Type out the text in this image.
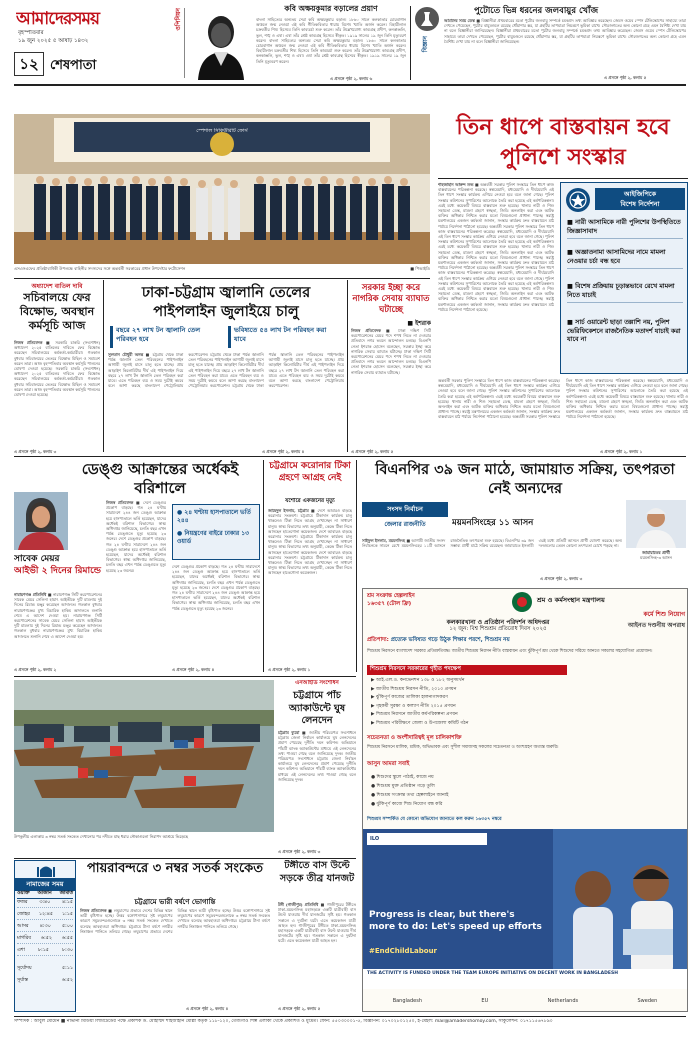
আমাদেরসময়
বৃহস্পতিবার
১৯ জুন ২০২৫ ৫ আষাঢ় ১৪৩২
১২ শেষপাতা
ওপিনিয়ন	কবি অক্ষয়কুমার বড়ালের প্রয়াণ
বাংলা সাহিত্যের অন্যতম সেরা কবি অক্ষয়কুমার বড়াল। ১৮৬০ সালে কলকাতার চোরবাগান অঞ্চলে জন্ম নেওয়া এই কবি গীতিকবিতার ধারায় বিশেষ খ্যাতি অর্জন করেন। বিহারীলাল চক্রবর্তীর শিষ্য হিসেবে তিনি কাব্যচর্চা শুরু করেন। তাঁর উল্লেখযোগ্য কাব্যগ্রন্থ প্রদীপ, কনকাঞ্জলি, ভুল, শঙ্খ ও এষা। এষা তাঁর শ্রেষ্ঠ কাব্যগ্রন্থ হিসেবে স্বীকৃত। ১৯১৯ সালের ১৯ জুন তিনি মৃত্যুবরণ করেন। বাংলা সাহিত্যের অন্যতম সেরা কবি অক্ষয়কুমার বড়াল। ১৮৬০ সালে কলকাতার চোরবাগান অঞ্চলে জন্ম নেওয়া এই কবি গীতিকবিতার ধারায় বিশেষ খ্যাতি অর্জন করেন। বিহারীলাল চক্রবর্তীর শিষ্য হিসেবে তিনি কাব্যচর্চা শুরু করেন। তাঁর উল্লেখযোগ্য কাব্যগ্রন্থ প্রদীপ, কনকাঞ্জলি, ভুল, শঙ্খ ও এষা। এষা তাঁর শ্রেষ্ঠ কাব্যগ্রন্থ হিসেবে স্বীকৃত। ১৯১৯ সালের ১৯ জুন তিনি মৃত্যুবরণ করেন।
এ প্রসঙ্গে পৃষ্ঠা ২, কলাম ৬
বিজ্ঞান
পুটোতে ভিন্ন ধরনের জলবায়ুর খোঁজ
আমাদের সময় ডেস্ক ■ বিজ্ঞানীরা প্রথমবারের মতো পুটোর জলবায়ু সম্পর্কে চমকপ্রদ তথ্য আবিষ্কার করেছেন। জেমস ওয়েব স্পেস টেলিস্কোপের সাহায্যে তারা দেখতে পেয়েছেন, পুটোর বায়ুমণ্ডলে রয়েছে ধোঁয়াশার স্তর, যা গ্রহটির তাপমাত্রা নিয়ন্ত্রণে ভূমিকা রাখে। সৌরজগতের অন্য কোনো গ্রহে এমন বৈশিষ্ট্য দেখা যায় না বলে বিজ্ঞানীরা জানিয়েছেন। বিজ্ঞানীরা প্রথমবারের মতো পুটোর জলবায়ু সম্পর্কে চমকপ্রদ তথ্য আবিষ্কার করেছেন। জেমস ওয়েব স্পেস টেলিস্কোপের সাহায্যে তারা দেখতে পেয়েছেন, পুটোর বায়ুমণ্ডলে রয়েছে ধোঁয়াশার স্তর, যা গ্রহটির তাপমাত্রা নিয়ন্ত্রণে ভূমিকা রাখে। সৌরজগতের অন্য কোনো গ্রহে এমন বৈশিষ্ট্য দেখা যায় না বলে বিজ্ঞানীরা জানিয়েছেন।
এ প্রসঙ্গে পৃষ্ঠা ২, কলাম ৫
স্পেশাল সিকিউরিটি ফোর্স
এসএসএফের প্রতিষ্ঠাবার্ষিকী উপলক্ষে বাহিনীর সদস্যদের সঙ্গে অন্তর্বর্তী সরকারের প্রধান উপদেষ্টার ফটোসেশন	■ পিআইডি
তিন ধাপে বাস্তবায়ন হবে পুলিশে সংস্কার
শাহজাহান আকন্দ শুভ ■ অন্তর্বর্তী সরকার পুলিশ সংস্কারে তিন ধাপে কাজ বাস্তবায়নের পরিকল্পনা করেছে। স্বল্পমেয়াদি, মধ্যমেয়াদি ও দীর্ঘমেয়াদি এই তিন ধাপে সংস্কার কার্যক্রম এগিয়ে নেওয়া হবে বলে জানা গেছে। পুলিশ সংস্কার কমিশনের সুপারিশের আলোকে তৈরি করা হয়েছে এই কর্মপরিকল্পনা। এরই মধ্যে কয়েকটি বিষয়ে বাস্তবায়ন শুরু হয়েছে। থানায় নারী ও শিশু সহায়তা ডেস্ক, মামলা গ্রহণে স্বচ্ছতা, জিডি অনলাইন করা এবং আটক ব্যক্তির অধিকার নিশ্চিত করার মতো বিষয়গুলো প্রাধান্য পাচ্ছে। স্বরাষ্ট্র মন্ত্রণালয়ের একজন কর্মকর্তা জানান, সংস্কার কার্যক্রম দ্রুত বাস্তবায়নে মাঠ পর্যায়ে নির্দেশনা পাঠানো হয়েছে। অন্তর্বর্তী সরকার পুলিশ সংস্কারে তিন ধাপে কাজ বাস্তবায়নের পরিকল্পনা করেছে। স্বল্পমেয়াদি, মধ্যমেয়াদি ও দীর্ঘমেয়াদি এই তিন ধাপে সংস্কার কার্যক্রম এগিয়ে নেওয়া হবে বলে জানা গেছে। পুলিশ সংস্কার কমিশনের সুপারিশের আলোকে তৈরি করা হয়েছে এই কর্মপরিকল্পনা। এরই মধ্যে কয়েকটি বিষয়ে বাস্তবায়ন শুরু হয়েছে। থানায় নারী ও শিশু সহায়তা ডেস্ক, মামলা গ্রহণে স্বচ্ছতা, জিডি অনলাইন করা এবং আটক ব্যক্তির অধিকার নিশ্চিত করার মতো বিষয়গুলো প্রাধান্য পাচ্ছে। স্বরাষ্ট্র মন্ত্রণালয়ের একজন কর্মকর্তা জানান, সংস্কার কার্যক্রম দ্রুত বাস্তবায়নে মাঠ পর্যায়ে নির্দেশনা পাঠানো হয়েছে। অন্তর্বর্তী সরকার পুলিশ সংস্কারে তিন ধাপে কাজ বাস্তবায়নের পরিকল্পনা করেছে। স্বল্পমেয়াদি, মধ্যমেয়াদি ও দীর্ঘমেয়াদি এই তিন ধাপে সংস্কার কার্যক্রম এগিয়ে নেওয়া হবে বলে জানা গেছে। পুলিশ সংস্কার কমিশনের সুপারিশের আলোকে তৈরি করা হয়েছে এই কর্মপরিকল্পনা। এরই মধ্যে কয়েকটি বিষয়ে বাস্তবায়ন শুরু হয়েছে। থানায় নারী ও শিশু সহায়তা ডেস্ক, মামলা গ্রহণে স্বচ্ছতা, জিডি অনলাইন করা এবং আটক ব্যক্তির অধিকার নিশ্চিত করার মতো বিষয়গুলো প্রাধান্য পাচ্ছে। স্বরাষ্ট্র মন্ত্রণালয়ের একজন কর্মকর্তা জানান, সংস্কার কার্যক্রম দ্রুত বাস্তবায়নে মাঠ পর্যায়ে নির্দেশনা পাঠানো হয়েছে।
আইজিপিকে
বিশেষ নির্দেশনা
■ নারী আসামিকে নারী পুলিশের উপস্থিতিতে জিজ্ঞাসাবাদ
■ অজ্ঞাতনামা আসামিদের নামে মামলা নেওয়ার চর্চা বন্ধ হবে
■ বিশেষ প্রক্রিয়ায় চূড়ান্তভাবে রেখে মামলা নিতে যাচাই
■ সার্চ ওয়ারেন্ট ছাড়া তল্লাশি নয়, পুলিশ ভেরিফিকেশনে রাজনৈতিক মতাদর্শ যাচাই করা যাবে না
অন্তর্বর্তী সরকার পুলিশ সংস্কারে তিন ধাপে কাজ বাস্তবায়নের পরিকল্পনা করেছে। স্বল্পমেয়াদি, মধ্যমেয়াদি ও দীর্ঘমেয়াদি এই তিন ধাপে সংস্কার কার্যক্রম এগিয়ে নেওয়া হবে বলে জানা গেছে। পুলিশ সংস্কার কমিশনের সুপারিশের আলোকে তৈরি করা হয়েছে এই কর্মপরিকল্পনা। এরই মধ্যে কয়েকটি বিষয়ে বাস্তবায়ন শুরু হয়েছে। থানায় নারী ও শিশু সহায়তা ডেস্ক, মামলা গ্রহণে স্বচ্ছতা, জিডি অনলাইন করা এবং আটক ব্যক্তির অধিকার নিশ্চিত করার মতো বিষয়গুলো প্রাধান্য পাচ্ছে। স্বরাষ্ট্র মন্ত্রণালয়ের একজন কর্মকর্তা জানান, সংস্কার কার্যক্রম দ্রুত বাস্তবায়নে মাঠ পর্যায়ে নির্দেশনা পাঠানো হয়েছে। অন্তর্বর্তী সরকার পুলিশ সংস্কারে তিন ধাপে কাজ বাস্তবায়নের পরিকল্পনা করেছে। স্বল্পমেয়াদি, মধ্যমেয়াদি ও দীর্ঘমেয়াদি এই তিন ধাপে সংস্কার কার্যক্রম এগিয়ে নেওয়া হবে বলে জানা গেছে। পুলিশ সংস্কার কমিশনের সুপারিশের আলোকে তৈরি করা হয়েছে এই কর্মপরিকল্পনা। এরই মধ্যে কয়েকটি বিষয়ে বাস্তবায়ন শুরু হয়েছে। থানায় নারী ও শিশু সহায়তা ডেস্ক, মামলা গ্রহণে স্বচ্ছতা, জিডি অনলাইন করা এবং আটক ব্যক্তির অধিকার নিশ্চিত করার মতো বিষয়গুলো প্রাধান্য পাচ্ছে। স্বরাষ্ট্র মন্ত্রণালয়ের একজন কর্মকর্তা জানান, সংস্কার কার্যক্রম দ্রুত বাস্তবায়নে মাঠ পর্যায়ে নির্দেশনা পাঠানো হয়েছে।
এ প্রসঙ্গে পৃষ্ঠা ২, কলাম ১
অধ্যাদেশ বাতিল দাবি
সচিবালয়ে ফের বিক্ষোভ, অবস্থান কর্মসূচি আজ
নিজস্ব প্রতিবেদক ■ সরকারি চাকরি (সংশোধন) অধ্যাদেশ ২০২৫ বাতিলের দাবিতে ফের বিক্ষোভ করেছেন সচিবালয়ের কর্মকর্তা-কর্মচারীরা। গতকাল বুধবার সচিবালয়ের ভেতরে বিক্ষোভ মিছিল ও সমাবেশ করেন তারা। আজ বৃহস্পতিবার অবস্থান কর্মসূচি পালনের ঘোষণা দেওয়া হয়েছে। সরকারি চাকরি (সংশোধন) অধ্যাদেশ ২০২৫ বাতিলের দাবিতে ফের বিক্ষোভ করেছেন সচিবালয়ের কর্মকর্তা-কর্মচারীরা। গতকাল বুধবার সচিবালয়ের ভেতরে বিক্ষোভ মিছিল ও সমাবেশ করেন তারা। আজ বৃহস্পতিবার অবস্থান কর্মসূচি পালনের ঘোষণা দেওয়া হয়েছে।
এ প্রসঙ্গে পৃষ্ঠা ২, কলাম ৩
ঢাকা-চট্টগ্রাম জ্বালানি তেলের পাইপলাইন জুলাইয়ে চালু
বছরে ২৭ লাখ টন জ্বালানি তেল পরিবহন হবে
ভবিষ্যতে ৫৪ লাখ টন পরিবহন করা যাবে
সুলতান চৌধুরী অনন্ত ■ চট্টগ্রাম থেকে ঢাকা পর্যন্ত জ্বালানি তেল পরিবহনের পাইপলাইন আগামী জুলাই মাসে চালু হতে যাচ্ছে। প্রায় আড়াইশ কিলোমিটার দীর্ঘ এই পাইপলাইন দিয়ে বছরে ২৭ লাখ টন জ্বালানি তেল পরিবহন করা যাবে। এতে পরিবহন ব্যয় ও সময় দুটোই কমবে বলে আশা করছে বাংলাদেশ পেট্রোলিয়াম করপোরেশন। চট্টগ্রাম থেকে ঢাকা পর্যন্ত জ্বালানি তেল পরিবহনের পাইপলাইন আগামী জুলাই মাসে চালু হতে যাচ্ছে। প্রায় আড়াইশ কিলোমিটার দীর্ঘ এই পাইপলাইন দিয়ে বছরে ২৭ লাখ টন জ্বালানি তেল পরিবহন করা যাবে। এতে পরিবহন ব্যয় ও সময় দুটোই কমবে বলে আশা করছে বাংলাদেশ পেট্রোলিয়াম করপোরেশন। চট্টগ্রাম থেকে ঢাকা পর্যন্ত জ্বালানি তেল পরিবহনের পাইপলাইন আগামী জুলাই মাসে চালু হতে যাচ্ছে। প্রায় আড়াইশ কিলোমিটার দীর্ঘ এই পাইপলাইন দিয়ে বছরে ২৭ লাখ টন জ্বালানি তেল পরিবহন করা যাবে। এতে পরিবহন ব্যয় ও সময় দুটোই কমবে বলে আশা করছে বাংলাদেশ পেট্রোলিয়াম করপোরেশন।
এ প্রসঙ্গে পৃষ্ঠা ২, কলাম ৪
সরকার ইচ্ছা করে নাগরিক সেবায় ব্যাঘাত ঘটাচ্ছে
■ ইশরাক
নিজস্ব প্রতিবেদক ■ ঢাকা দক্ষিণ সিটি করপোরেশনের মেয়র পদে শপথ নিতে না দেওয়ার প্রতিবাদে নগর ভবনে আন্দোলন চলছে। বিএনপি নেতা ইশরাক হোসেন বলেছেন, সরকার ইচ্ছা করে নাগরিক সেবায় ব্যাঘাত ঘটাচ্ছে। ঢাকা দক্ষিণ সিটি করপোরেশনের মেয়র পদে শপথ নিতে না দেওয়ার প্রতিবাদে নগর ভবনে আন্দোলন চলছে। বিএনপি নেতা ইশরাক হোসেন বলেছেন, সরকার ইচ্ছা করে নাগরিক সেবায় ব্যাঘাত ঘটাচ্ছে।
এ প্রসঙ্গে পৃষ্ঠা ২, কলাম ৫
সাবেক মেয়র
আইভী ২ দিনের রিমান্ডে
নারায়ণগঞ্জ প্রতিনিধি ■ নারায়ণগঞ্জ সিটি করপোরেশনের সাবেক মেয়র সেলিনা হায়াৎ আইভীকে দুটি মামলায় দুই দিনের রিমান্ড মঞ্জুর করেছেন আদালত। গতকাল বুধবার নারায়ণগঞ্জের মুখ্য বিচারিক হাকিম আদালতে শুনানি শেষে এ আদেশ দেওয়া হয়। নারায়ণগঞ্জ সিটি করপোরেশনের সাবেক মেয়র সেলিনা হায়াৎ আইভীকে দুটি মামলায় দুই দিনের রিমান্ড মঞ্জুর করেছেন আদালত। গতকাল বুধবার নারায়ণগঞ্জের মুখ্য বিচারিক হাকিম আদালতে শুনানি শেষে এ আদেশ দেওয়া হয়।
এ প্রসঙ্গে পৃষ্ঠা ২, কলাম ২
ডেঙ্গু আক্রান্তের অর্ধেকই বরিশালে
নিজস্ব প্রতিবেদক ■ দেশে ডেঙ্গুর প্রকোপ বাড়ছে। গত ২৪ ঘণ্টায় সারাদেশে ২৪৪ জন ডেঙ্গু আক্রান্ত হয়ে হাসপাতালে ভর্তি হয়েছেন, যাদের অর্ধেকই বরিশাল বিভাগের। স্বাস্থ্য অধিদপ্তর জানিয়েছে, চলতি বছর এখন পর্যন্ত ডেঙ্গুতে মৃত্যু হয়েছে ২৩ জনের। দেশে ডেঙ্গুর প্রকোপ বাড়ছে। গত ২৪ ঘণ্টায় সারাদেশে ২৪৪ জন ডেঙ্গু আক্রান্ত হয়ে হাসপাতালে ভর্তি হয়েছেন, যাদের অর্ধেকই বরিশাল বিভাগের। স্বাস্থ্য অধিদপ্তর জানিয়েছে, চলতি বছর এখন পর্যন্ত ডেঙ্গুতে মৃত্যু হয়েছে ২৩ জনের।
● ২৪ ঘণ্টায় হাসপাতালে ভর্তি ২৪৪
● নিয়ন্ত্রণের বাইরে ঢাকার ১৩ ওয়ার্ড
দেশে ডেঙ্গুর প্রকোপ বাড়ছে। গত ২৪ ঘণ্টায় সারাদেশে ২৪৪ জন ডেঙ্গু আক্রান্ত হয়ে হাসপাতালে ভর্তি হয়েছেন, যাদের অর্ধেকই বরিশাল বিভাগের। স্বাস্থ্য অধিদপ্তর জানিয়েছে, চলতি বছর এখন পর্যন্ত ডেঙ্গুতে মৃত্যু হয়েছে ২৩ জনের। দেশে ডেঙ্গুর প্রকোপ বাড়ছে। গত ২৪ ঘণ্টায় সারাদেশে ২৪৪ জন ডেঙ্গু আক্রান্ত হয়ে হাসপাতালে ভর্তি হয়েছেন, যাদের অর্ধেকই বরিশাল বিভাগের। স্বাস্থ্য অধিদপ্তর জানিয়েছে, চলতি বছর এখন পর্যন্ত ডেঙ্গুতে মৃত্যু হয়েছে ২৩ জনের।
এ প্রসঙ্গে পৃষ্ঠা ২, কলাম ৪
চট্টগ্রামে করোনার টিকা গ্রহণে আগ্রহ নেই
যশোরে একজনের মৃত্যু
জাহেদুল ইসলাম, চট্টগ্রাম ■ দেশে আবারও বাড়ছে করোনার সংক্রমণ। চট্টগ্রামে টিকাদান কার্যক্রম চালু থাকলেও টিকা নিতে আগ্রহ দেখাচ্ছেন না সাধারণ মানুষ। স্বাস্থ্য বিভাগের তথ্য অনুযায়ী, কেন্দ্রে টিকা নিতে আসছেন হাতেগোনা কয়েকজন। দেশে আবারও বাড়ছে করোনার সংক্রমণ। চট্টগ্রামে টিকাদান কার্যক্রম চালু থাকলেও টিকা নিতে আগ্রহ দেখাচ্ছেন না সাধারণ মানুষ। স্বাস্থ্য বিভাগের তথ্য অনুযায়ী, কেন্দ্রে টিকা নিতে আসছেন হাতেগোনা কয়েকজন। দেশে আবারও বাড়ছে করোনার সংক্রমণ। চট্টগ্রামে টিকাদান কার্যক্রম চালু থাকলেও টিকা নিতে আগ্রহ দেখাচ্ছেন না সাধারণ মানুষ। স্বাস্থ্য বিভাগের তথ্য অনুযায়ী, কেন্দ্রে টিকা নিতে আসছেন হাতেগোনা কয়েকজন।
এ প্রসঙ্গে পৃষ্ঠা ২, কলাম ১
বিএনপির ৩৯ জন মাঠে, জামায়াত সক্রিয়, তৎপরতা নেই অন্যদের
সংসদ নির্বাচন
জেলার রাজনীতি	ময়মনসিংহের ১১ আসন
জামায়াতের প্রার্থী
ময়মনসিংহ-৩ আসন
সাইফুল ইসলাম, ময়মনসিংহ ■ আগামী জাতীয় সংসদ নির্বাচনকে সামনে রেখে ময়মনসিংহের ১১টি আসনে রাজনৈতিক তৎপরতা শুরু হয়েছে। বিএনপির ৩৯ জন সম্ভাব্য প্রার্থী মাঠে সক্রিয় রয়েছেন। জামায়াতে ইসলামী এরই মধ্যে প্রতিটি আসনে প্রার্থী ঘোষণা করেছে। অন্য দলগুলোর তেমন কোনো তৎপরতা চোখে পড়ছে না।
এ প্রসঙ্গে পৃষ্ঠা ২, কলাম ৩
শ্রম সংক্রান্ত হেল্পলাইন
১৬৩৫৭ (টোল ফ্রি)	শ্রম ও কর্মসংস্থান মন্ত্রণালয়
কর্মে শিশু নিয়োগ
আইনত দণ্ডনীয় অপরাধ
কলকারখানা ও প্রতিষ্ঠান পরিদর্শন অধিদপ্তর
১২ জুন: বিশ্ব শিশুশ্রম প্রতিরোধ দিবস ২০২৫
প্রতিপাদ্য: প্রত্যেক ভবিষ্যত গড়ে উঠুক শিক্ষার পরশে, শিশুশ্রম নয়
শিশুশ্রম নিরসনে বাংলাদেশ সরকার প্রতিশ্রুতিবদ্ধ। জাতীয় শিশুশ্রম নিরসন নীতি বাস্তবায়ন এবং ঝুঁকিপূর্ণ শ্রম থেকে শিশুদের সরিয়ে আনতে সকলের সহযোগিতা প্রয়োজন।
শিশুশ্রম নিরসনে সরকারের গৃহীত পদক্ষেপ
▶ আই.এল.ও. কনভেনশন ১৩৮ ও ১৮২ অনুসমর্থন
▶ জাতীয় শিশুশ্রম নিরসন নীতি, ২০১০ প্রণয়ন
▶ ঝুঁকিপূর্ণ কাজের তালিকা হালনাগাদকরণ
▶ গৃহকর্মী সুরক্ষা ও কল্যাণ নীতি ২০১৫ প্রণয়ন
▶ শিশুশ্রম নিরসনে জাতীয় কর্মপরিকল্পনা প্রণয়ন
▶ শিশুশ্রম পরিবীক্ষণে জেলা ও উপজেলা কমিটি গঠন
সচেতনতা ও অংশীদারিত্বই মূল চালিকাশক্তি
শিশুশ্রম নিরসনে মালিক, শ্রমিক, অভিভাবক এবং সুশীল সমাজসহ সকলের সচেতনতা ও অংশগ্রহণ অত্যন্ত জরুরি।
আসুন আমরা সবাই
● শিশুদের স্কুলে পাঠাই, কাজে নয়
● শিশুশ্রম মুক্ত প্রতিষ্ঠান গড়ে তুলি
● শিশুশ্রম সংক্রান্ত তথ্য হেল্পলাইনে জানাই
● ঝুঁকিপূর্ণ কাজে শিশু নিয়োগ বন্ধ করি
শিশুশ্রম সম্পর্কিত যে কোনো অভিযোগ জানাতে কল করুন ১৬৩৫৭ নম্বরে
ILO
Progress is clear, but there's
more to do: Let's speed up efforts
#EndChildLabour
THE ACTIVITY IS FUNDED UNDER THE TEAM EUROPE INITIATIVE ON DECENT WORK IN BANGLADESH
Bangladesh	EU	Netherlands	Sweden
উপকূলীয় এলাকায় ৩ নম্বর সতর্ক সংকেত দেখানোর পর নদীতে মাছ ধরার নৌকাগুলো নিরাপদ আশ্রয়ে ভিড়েছে
এনআইডি সংশোধন
চট্টগ্রামে পাঁচ অ্যাকাউন্টে ঘুষ লেনদেন
চট্টগ্রাম ব্যুরো ■ জাতীয় পরিচয়পত্র সংশোধনে চট্টগ্রাম জেলা নির্বাচন কার্যালয়ে ঘুষ লেনদেনের প্রমাণ পেয়েছে দুর্নীতি দমন কমিশন। অভিযানে পাঁচটি ব্যাংক অ্যাকাউন্টের মাধ্যমে এই লেনদেনের তথ্য পাওয়া গেছে বলে জানিয়েছে দুদক। জাতীয় পরিচয়পত্র সংশোধনে চট্টগ্রাম জেলা নির্বাচন কার্যালয়ে ঘুষ লেনদেনের প্রমাণ পেয়েছে দুর্নীতি দমন কমিশন। অভিযানে পাঁচটি ব্যাংক অ্যাকাউন্টের মাধ্যমে এই লেনদেনের তথ্য পাওয়া গেছে বলে জানিয়েছে দুদক।
এ প্রসঙ্গে পৃষ্ঠা ২, কলাম ৩
পায়রাবন্দরে ৩ নম্বর সতর্ক সংকেত
চট্টগ্রামে ভারী বর্ষণে ভোগান্তি
নিজস্ব প্রতিবেদক ■ লঘুচাপের প্রভাবে দেশের বিভিন্ন স্থানে ভারী বৃষ্টিপাত হচ্ছে। উত্তর বঙ্গোপসাগরে সৃষ্ট লঘুচাপের কারণে সমুদ্রবন্দরগুলোকে ৩ নম্বর সতর্ক সংকেত দেখাতে বলেছে আবহাওয়া অধিদপ্তর। চট্টগ্রামে টানা বর্ষণে নগরীর নিম্নাঞ্চল পানিতে তলিয়ে গেছে। লঘুচাপের প্রভাবে দেশের বিভিন্ন স্থানে ভারী বৃষ্টিপাত হচ্ছে। উত্তর বঙ্গোপসাগরে সৃষ্ট লঘুচাপের কারণে সমুদ্রবন্দরগুলোকে ৩ নম্বর সতর্ক সংকেত দেখাতে বলেছে আবহাওয়া অধিদপ্তর। চট্টগ্রামে টানা বর্ষণে নগরীর নিম্নাঞ্চল পানিতে তলিয়ে গেছে।
এ প্রসঙ্গে পৃষ্ঠা ২, কলাম ৪
টঙ্গীতে বাস উল্টে সড়কে তীব্র যানজট
টঙ্গী (গাজীপুর) প্রতিনিধি ■ গাজীপুরের টঙ্গীতে ঢাকা-ময়মনসিংহ মহাসড়কে একটি যাত্রীবাহী বাস উল্টে যাওয়ায় দীর্ঘ যানজটের সৃষ্টি হয়। গতকাল সকালে এ দুর্ঘটনা ঘটে। এতে কয়েকজন যাত্রী আহত হন। গাজীপুরের টঙ্গীতে ঢাকা-ময়মনসিংহ মহাসড়কে একটি যাত্রীবাহী বাস উল্টে যাওয়ায় দীর্ঘ যানজটের সৃষ্টি হয়। গতকাল সকালে এ দুর্ঘটনা ঘটে। এতে কয়েকজন যাত্রী আহত হন।
এ প্রসঙ্গে পৃষ্ঠা ২, কলাম ৫
নামাজের সময়
ওয়াক্ত আজান জামাত
ফজর ৩:৪০ ৪:১৫
জোহর ১২:৪৫ ১:১৫
আসর ৪:৩০ ৫:০০
মাগরিব ৬:৫২ ৬:৫৫
এশা	৮:১৫	৮:৩০
সূর্যোদয়	৫:১১
সূর্যাস্ত	৬:৫২
সম্পাদক : আবুল মোমেন ■ নাভানা মিডিয়া লিমিটেডের পক্ষে প্রকাশক ড. মোহাম্মদ শাহজাহান মোল্লা কর্তৃক ১১৮-১২০, তেজগাঁও শিল্প এলাকা থেকে প্রকাশিত ও মুদ্রিত। ফোন: ৫৫০৩০০০১-৫, বিজ্ঞাপন: ০১৭০২৮০১২৫০, ই-মেইল: mail@amadershomoy.com, সার্কুলেশন: ০১৭১১৫৬৭৮৯০
